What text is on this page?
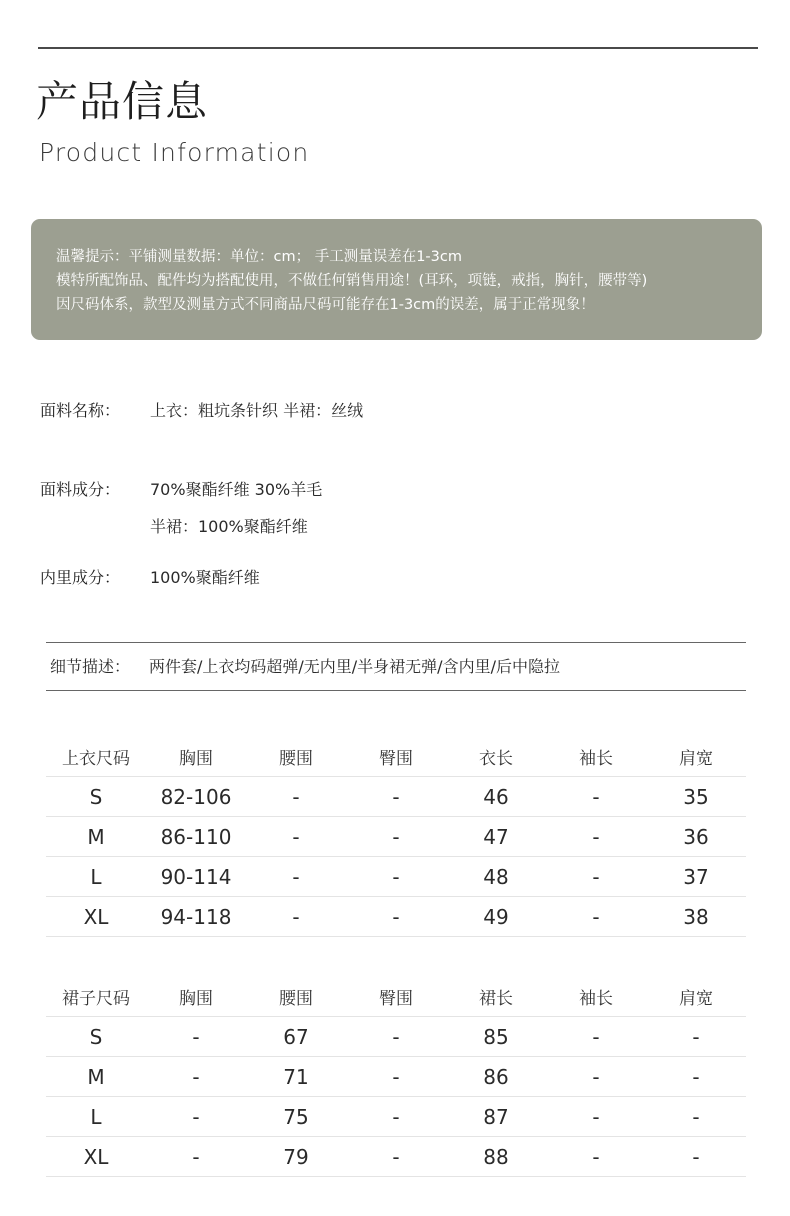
产品信息
Product Information
温馨提示：平铺测量数据：单位：cm； 手工测量误差在1-3cm
模特所配饰品、配件均为搭配使用，不做任何销售用途！(耳环，项链，戒指，胸针，腰带等)
因尺码体系，款型及测量方式不同商品尺码可能存在1-3cm的误差，属于正常现象！
面料名称： 上衣：粗坑条针织 半裙：丝绒
面料成分： 70%聚酯纤维 30%羊毛
半裙：100%聚酯纤维
内里成分： 100%聚酯纤维
细节描述： 两件套/上衣均码超弹/无内里/半身裙无弹/含内里/后中隐拉
上衣尺码	胸围	腰围	臀围	衣长	袖长	肩宽
S	82-106	-	-	46	-	35
M	86-110	-	-	47	-	36
L	90-114	-	-	48	-	37
XL	94-118	-	-	49	-	38
裙子尺码	胸围	腰围	臀围	裙长	袖长	肩宽
S	-	67	-	85	-	-
M	-	71	-	86	-	-
L	-	75	-	87	-	-
XL	-	79	-	88	-	-
